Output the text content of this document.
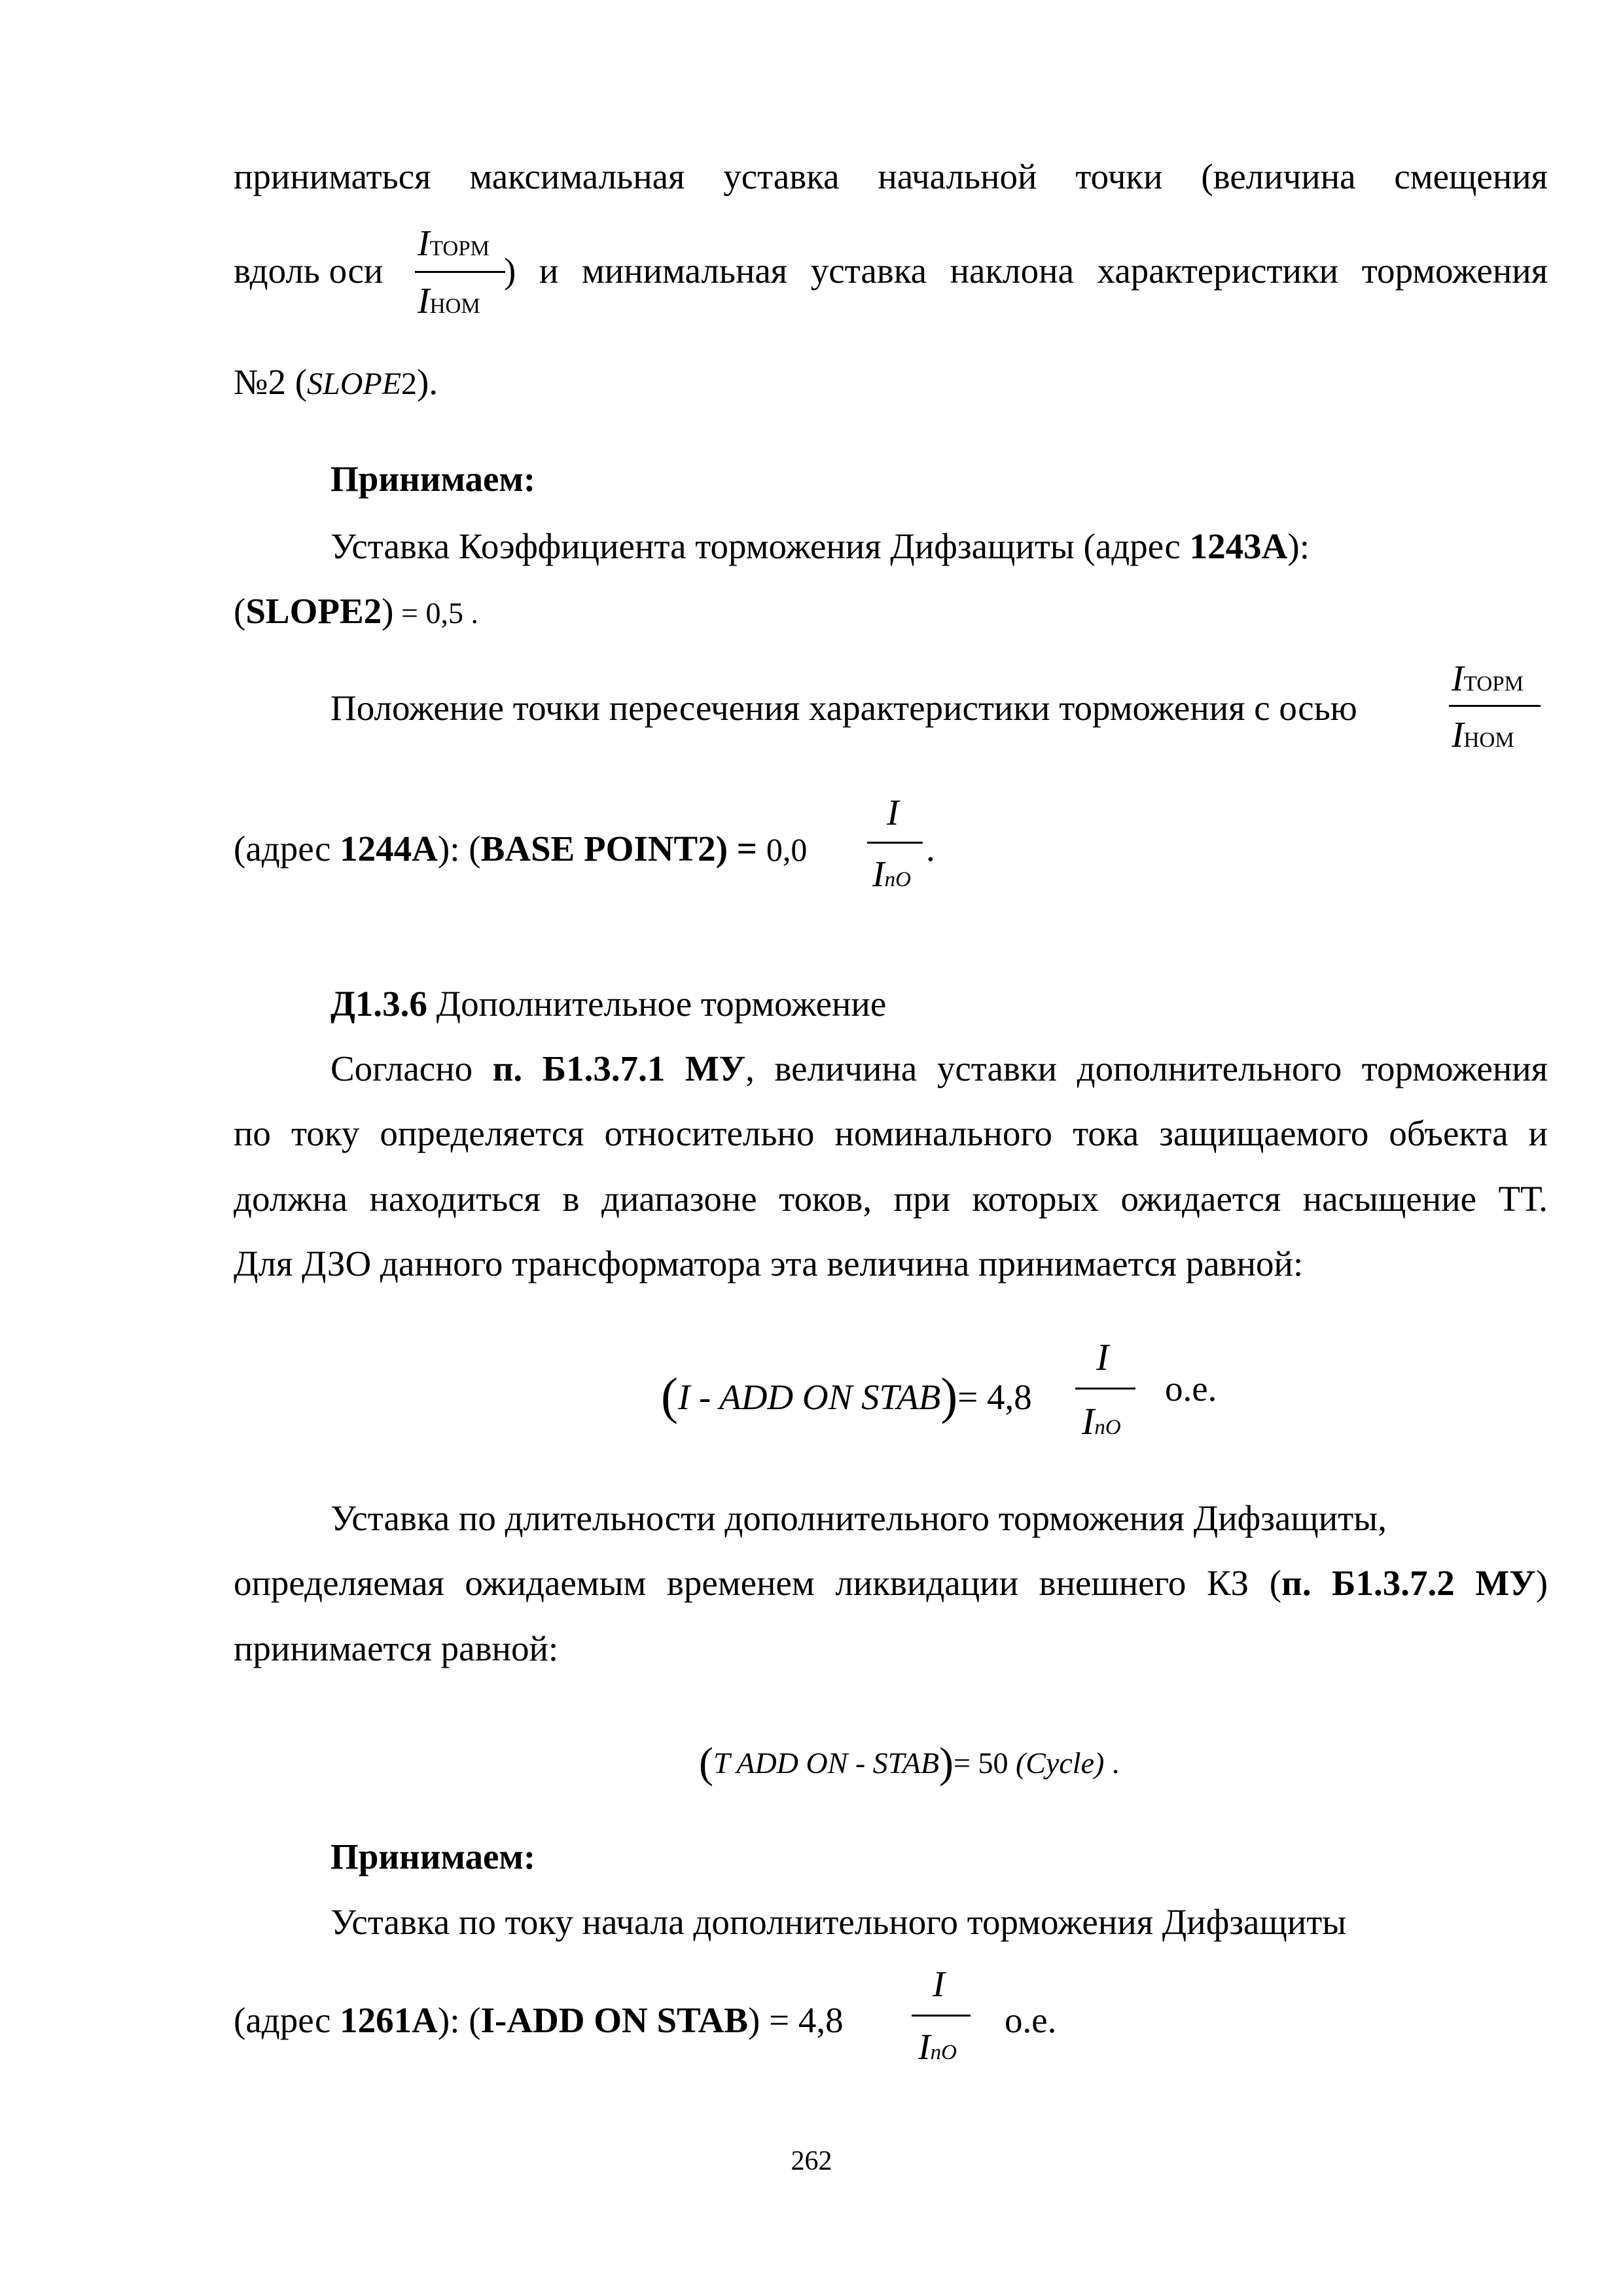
приниматься максимальная уставка начальной точки (величина смещения
вдоль оси
IТОРМ
IНОМ
) и минимальная уставка наклона характеристики торможения
№2 (SLOPE2).
Принимаем:
Уставка Коэффициента торможения Дифзащиты (адрес 1243А):
(SLOPE2) = 0,5 .
Положение точки пересечения характеристики торможения с осью
IТОРМ
IНОМ
(адрес 1244А): (BASE POINT2) = 0,0
I
InO
.
Д1.3.6 Дополнительное торможение
Согласно п. Б1.3.7.1 МУ, величина уставки дополнительного торможения
по току определяется относительно номинального тока защищаемого объекта и
должна находиться в диапазоне токов, при которых ожидается насыщение ТТ.
Для ДЗО данного трансформатора эта величина принимается равной:
(I - ADD ON STAB)= 4,8
I
InO
о.е.
Уставка по длительности дополнительного торможения Дифзащиты,
определяемая ожидаемым временем ликвидации внешнего КЗ (п. Б1.3.7.2 МУ)
принимается равной:
(T ADD ON - STAB)= 50 (Cycle) .
Принимаем:
Уставка по току начала дополнительного торможения Дифзащиты
(адрес 1261А): (I-ADD ON STAB) = 4,8
I
InO
о.е.
262
